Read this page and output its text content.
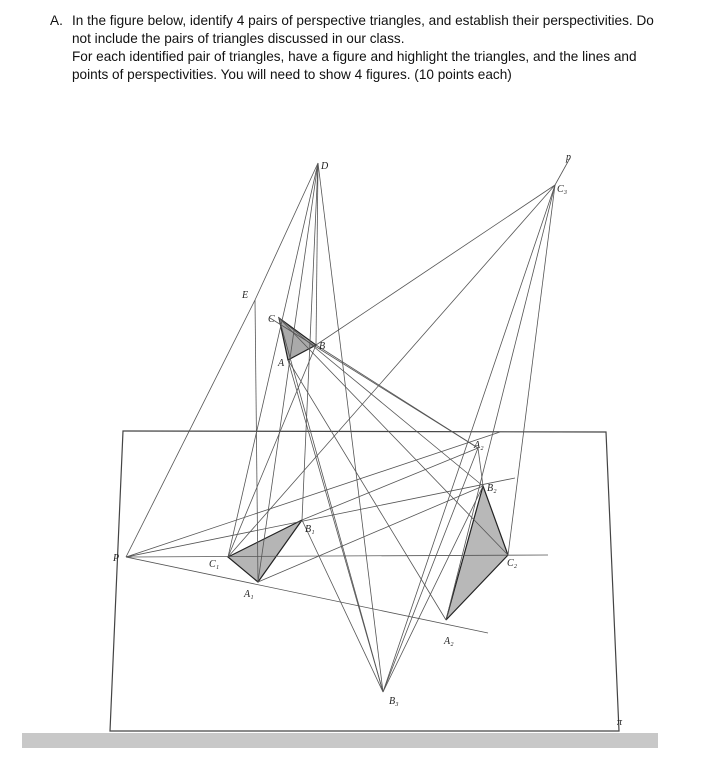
A. In the figure below, identify 4 pairs of perspective triangles, and establish their perspectivities. Do
not include the pairs of triangles discussed in our class.
For each identified pair of triangles, have a figure and highlight the triangles, and the lines and
points of perspectivities. You will need to show 4 figures. (10 points each)
D
p
C₃
E
C
B
A
A₂
B₂
B₁
P
C₁	C₂
A₁
A₂
B₃
π
